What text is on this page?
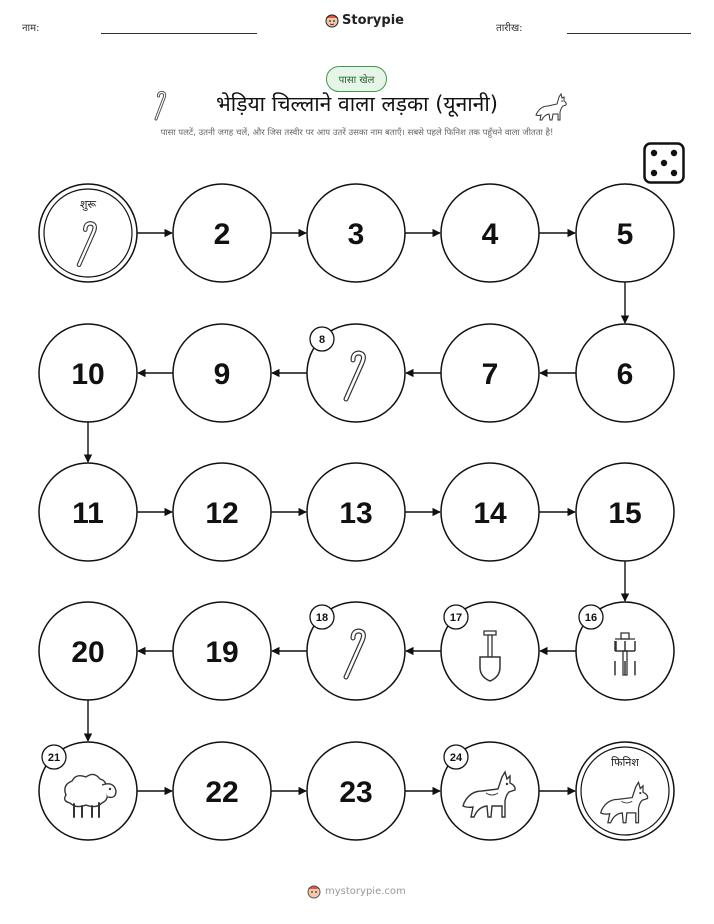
नाम:
Storypie
तारीख:
पासा खेल
भेड़िया चिल्लाने वाला लड़का (यूनानी)
पासा पलटें, उतनी जगह चलें, और जिस तस्वीर पर आप उतरें उसका नाम बताएँ। सबसे पहले फिनिश तक पहुँचने वाला जीतता है!
शुरू
2	3	4	5
6
7
8
9
10
11	12	13	14	15
16
17
18
19
20
21
22	23
24	फिनिश
mystorypie.com
